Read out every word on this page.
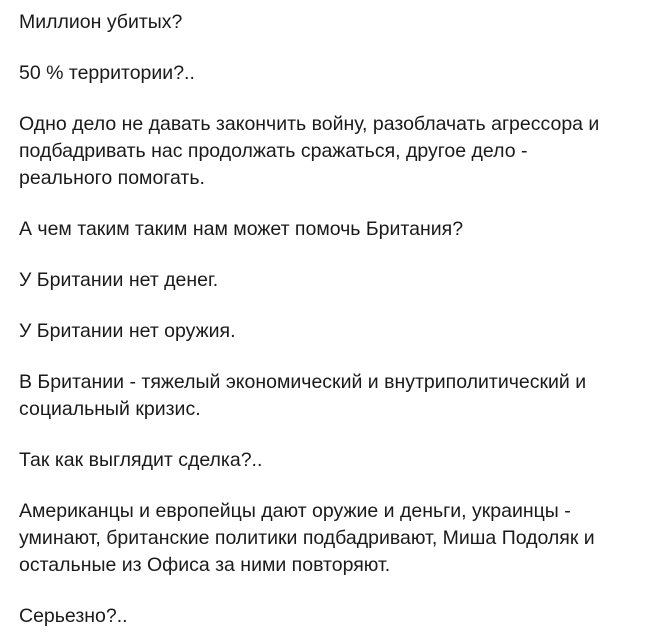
Миллион убитых?

50 % территории?..

Одно дело не давать закончить войну, разоблачать агрессора и
подбадривать нас продолжать сражаться, другое дело -
реального помогать.

А чем таким таким нам может помочь Британия?

У Британии нет денег.

У Британии нет оружия.

В Британии - тяжелый экономический и внутриполитический и
социальный кризис.

Так как выглядит сделка?..

Американцы и европейцы дают оружие и деньги, украинцы -
уминают, британские политики подбадривают, Миша Подоляк и
остальные из Офиса за ними повторяют.

Серьезно?..
